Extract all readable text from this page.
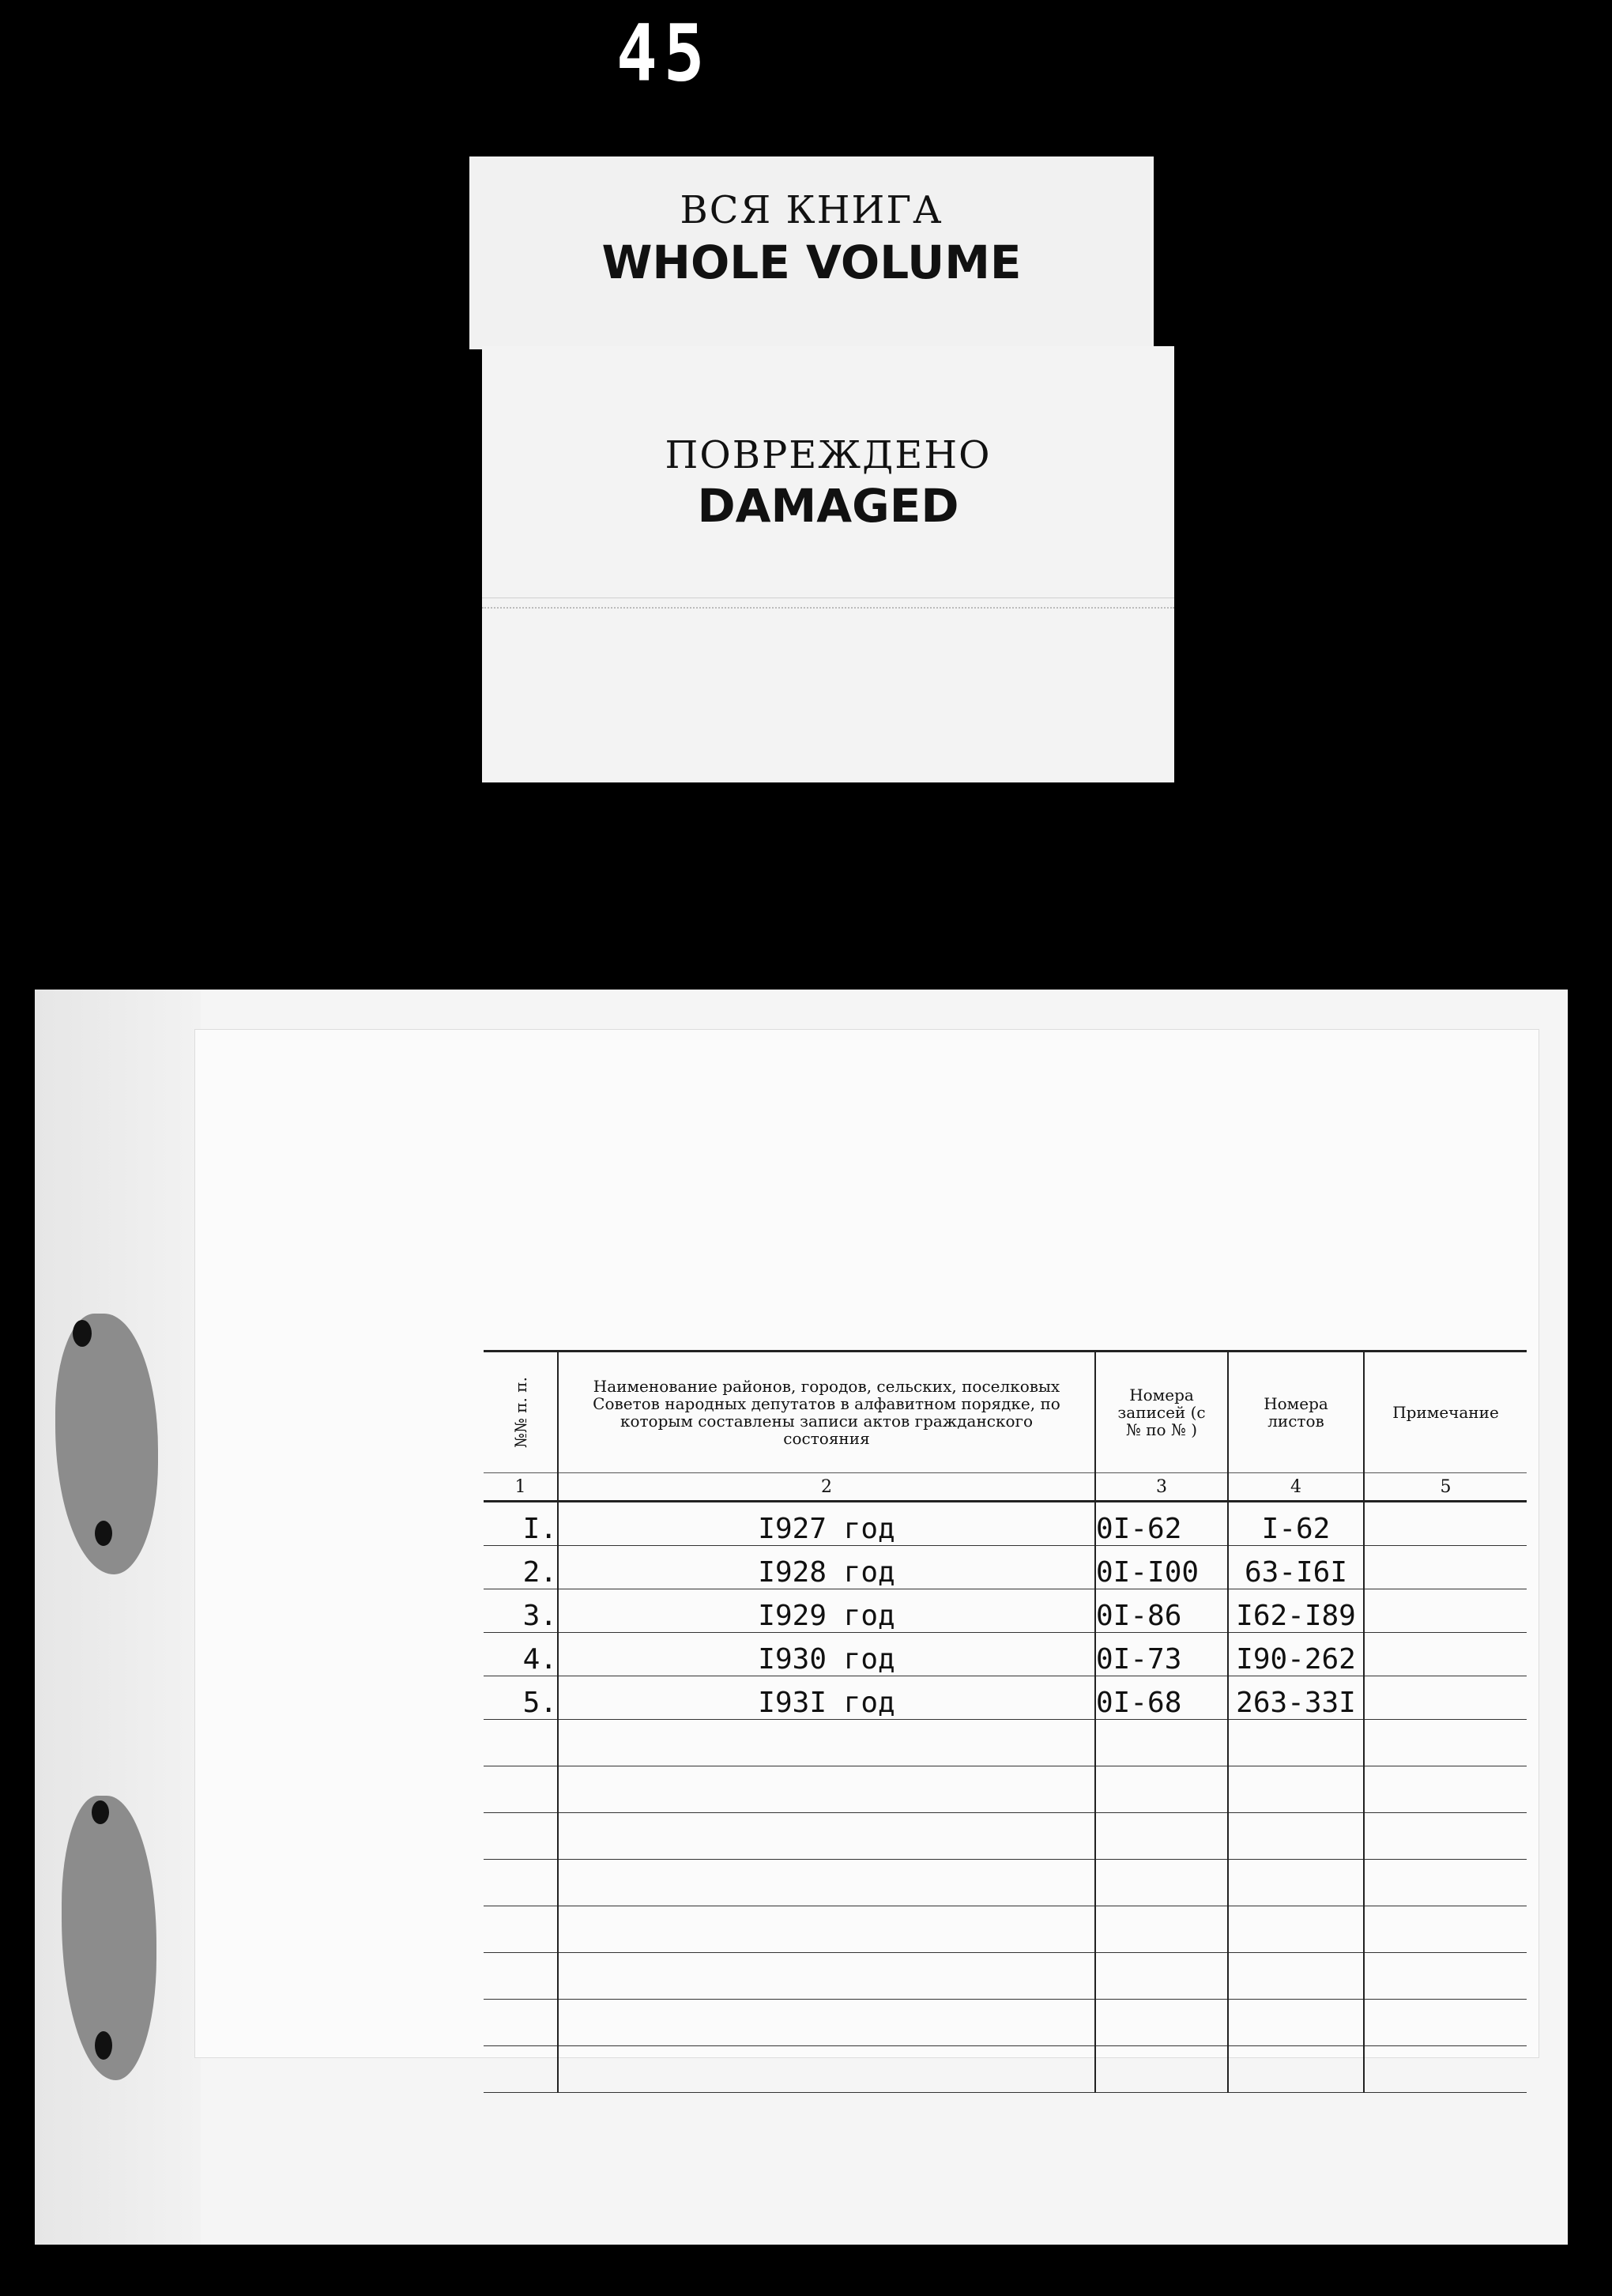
45
ВСЯ КНИГА
WHOLE VOLUME
ПОВРЕЖДЕНО
DAMAGED
№№ п. п.	Наименование районов, городов, сельских, поселковых Советов народных депутатов в алфавитном порядке, по которым составлены записи актов гражданского состояния	Номера записей (с № по № )	Номера листов	Примечание
1	2	3	4	5
I.	I927 год	0I-62	I-62	
2.	I928 год	0I-I00	63-I6I	
3.	I929 год	0I-86	I62-I89	
4.	I930 год	0I-73	I90-262	
5.	I93I год	0I-68	263-33I	
